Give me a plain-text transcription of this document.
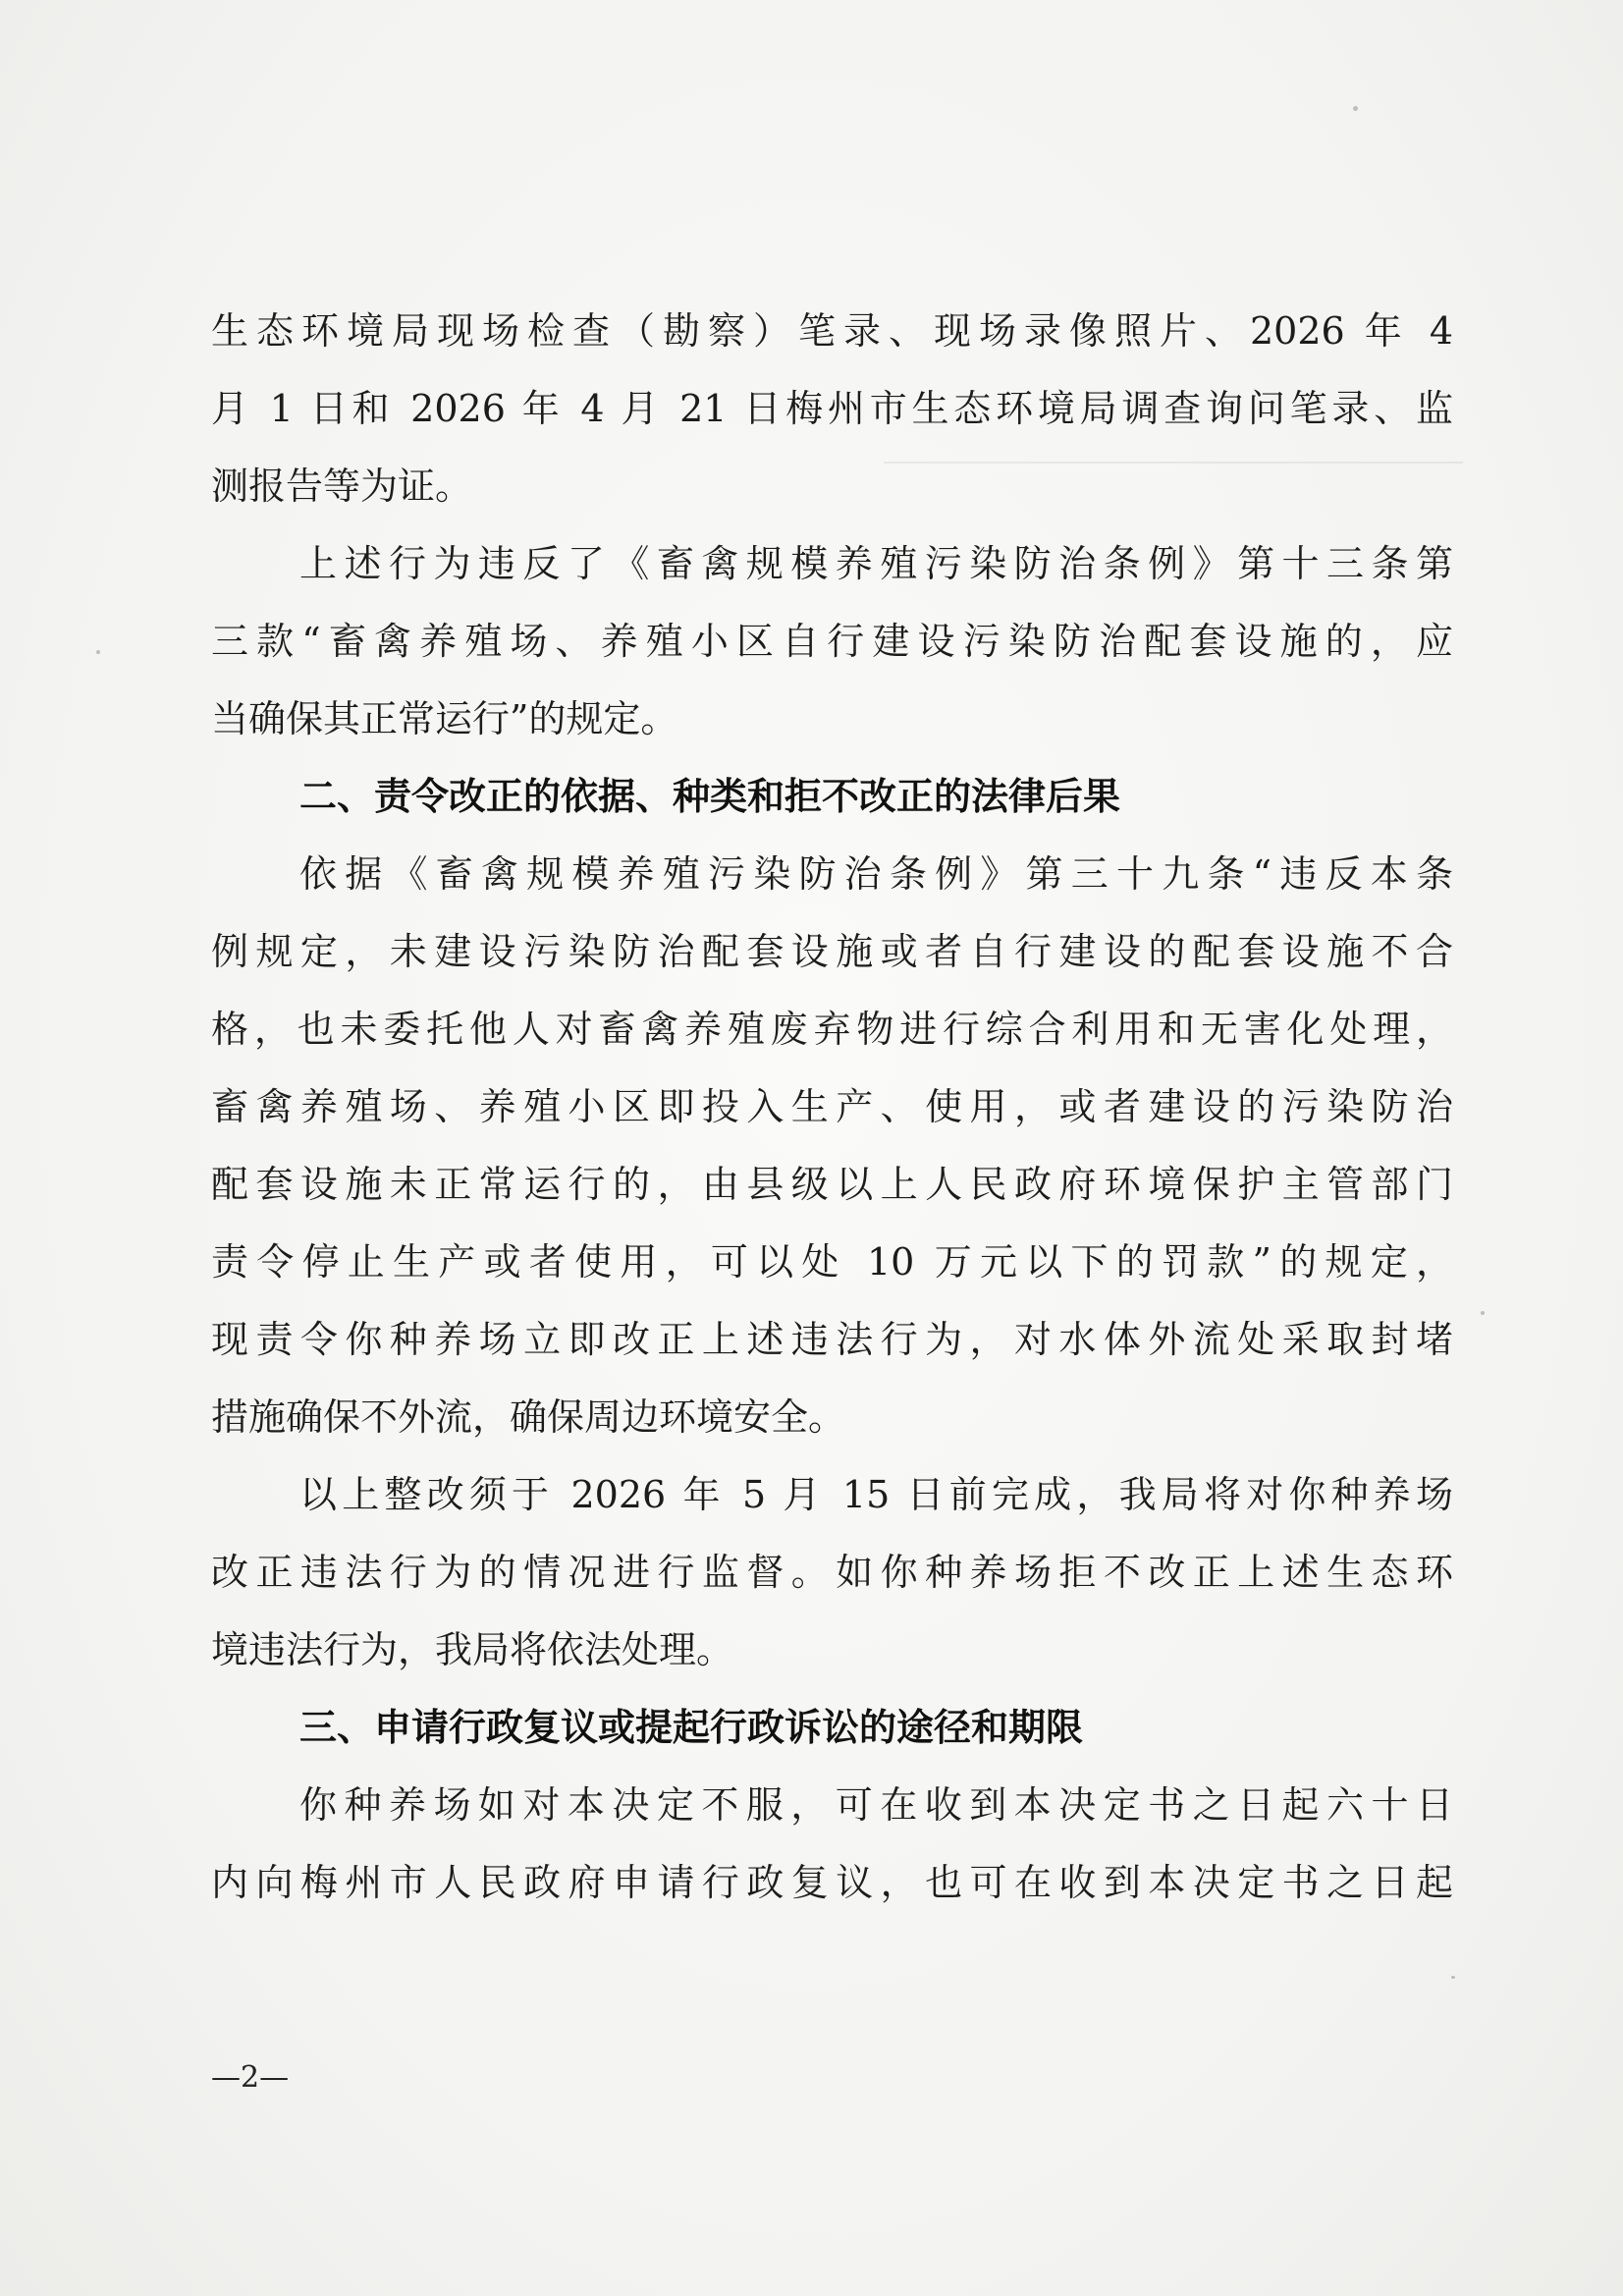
生态环境局现场检查（勘察）笔录、现场录像照片、2026 年 4
月 1 日和 2026 年 4 月 21 日梅州市生态环境局调查询问笔录、监
测报告等为证。
上述行为违反了《畜禽规模养殖污染防治条例》第十三条第
三款“畜禽养殖场、养殖小区自行建设污染防治配套设施的，应
当确保其正常运行”的规定。
二、责令改正的依据、种类和拒不改正的法律后果
依据《畜禽规模养殖污染防治条例》第三十九条“违反本条
例规定，未建设污染防治配套设施或者自行建设的配套设施不合
格，也未委托他人对畜禽养殖废弃物进行综合利用和无害化处理，
畜禽养殖场、养殖小区即投入生产、使用，或者建设的污染防治
配套设施未正常运行的，由县级以上人民政府环境保护主管部门
责令停止生产或者使用，可以处 10 万元以下的罚款”的规定，
现责令你种养场立即改正上述违法行为，对水体外流处采取封堵
措施确保不外流，确保周边环境安全。
以上整改须于 2026 年 5 月 15 日前完成，我局将对你种养场
改正违法行为的情况进行监督。如你种养场拒不改正上述生态环
境违法行为，我局将依法处理。
三、申请行政复议或提起行政诉讼的途径和期限
你种养场如对本决定不服，可在收到本决定书之日起六十日
内向梅州市人民政府申请行政复议，也可在收到本决定书之日起
—2—
